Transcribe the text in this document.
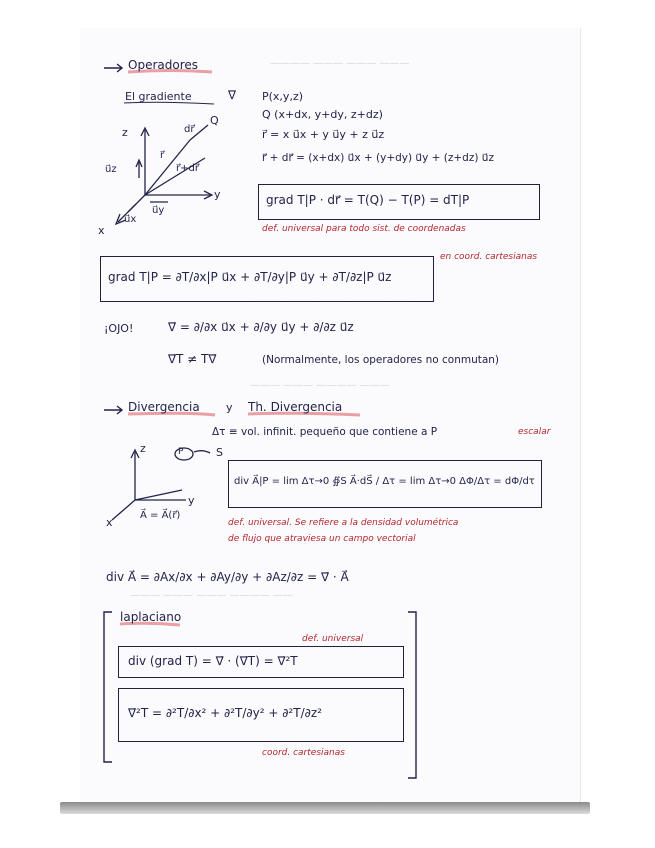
———— ——— ——— ———
——— ——— ——— ———— ——
——— ——— ———— ———
——— ——— ——— ———— ——
Operadores
El gradiente	∇ P(x,y,z)
Q (x+dx, y+dy, z+dz)
r⃗ = x u⃗x + y u⃗y + z u⃗z
r⃗ + dr⃗ = (x+dx) u⃗x + (y+dy) u⃗y + (z+dz) u⃗z
z
y
x
u⃗z
u⃗y
u⃗x
r⃗
dr⃗
r⃗+dr⃗
Q
grad T|P · dr⃗ = T(Q) − T(P) = dT|P
def. universal para todo sist. de coordenadas
grad T|P = ∂T/∂x|P u⃗x + ∂T/∂y|P u⃗y + ∂T/∂z|P u⃗z
en coord. cartesianas
¡OJO!	∇⃗ = ∂/∂x u⃗x + ∂/∂y u⃗y + ∂/∂z u⃗z
∇⃗T ≠ T∇⃗	(Normalmente, los operadores no conmutan)
Divergencia y Th. Divergencia
Δτ ≡ vol. infinit. pequeño que contiene a P	escalar
P	S
z
y
x
A⃗ = A⃗(r⃗)
div A⃗|P = lim Δτ→0 ∯S A⃗·dS⃗ / Δτ = lim Δτ→0 ΔΦ/Δτ = dΦ/dτ
def. universal. Se refiere a la densidad volumétrica
de flujo que atraviesa un campo vectorial
div A⃗ = ∂Ax/∂x + ∂Ay/∂y + ∂Az/∂z = ∇⃗ · A⃗
laplaciano
def. universal
div (grad T) = ∇⃗ · (∇⃗T) = ∇⃗²T
∇⃗²T = ∂²T/∂x² + ∂²T/∂y² + ∂²T/∂z²
coord. cartesianas
